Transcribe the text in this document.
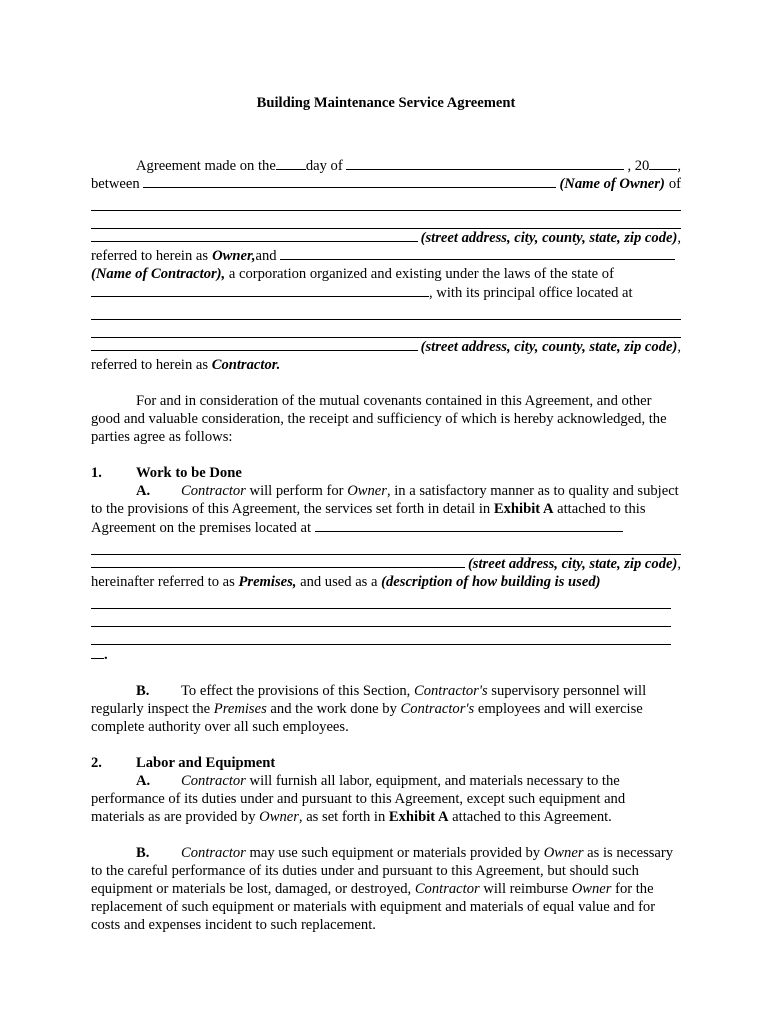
Building Maintenance Service Agreement

Agreement made on the day of	, 20 ,
between	(Name of Owner) of
(street address, city, county, state, zip code) ,
referred to herein as Owner, and

(Name of Contractor), a corporation organized and existing under the laws of the state of

, with its principal office located at
(street address, city, county, state, zip code) ,

referred to herein as Contractor.

For and in consideration of the mutual covenants contained in this Agreement, and other good and valuable consideration, the receipt and sufficiency of which is hereby acknowledged, the parties agree as follows:

1.	Work to be Done

A. Contractor will perform for Owner, in a satisfactory manner as to quality and subject to the provisions of this Agreement, the services set forth in detail in Exhibit A attached to this Agreement on the premises located at

(street address, city, state, zip code) ,

hereinafter referred to as Premises, and used as a (description of how building is used)

.

B. To effect the provisions of this Section, Contractor's supervisory personnel will regularly inspect the Premises and the work done by Contractor's employees and will exercise complete authority over all such employees.

2.	Labor and Equipment

A. Contractor will furnish all labor, equipment, and materials necessary to the performance of its duties under and pursuant to this Agreement, except such equipment and materials as are provided by Owner, as set forth in Exhibit A attached to this Agreement.

B. Contractor may use such equipment or materials provided by Owner as is necessary to the careful performance of its duties under and pursuant to this Agreement, but should such equipment or materials be lost, damaged, or destroyed, Contractor will reimburse Owner for the replacement of such equipment or materials with equipment and materials of equal value and for costs and expenses incident to such replacement.
